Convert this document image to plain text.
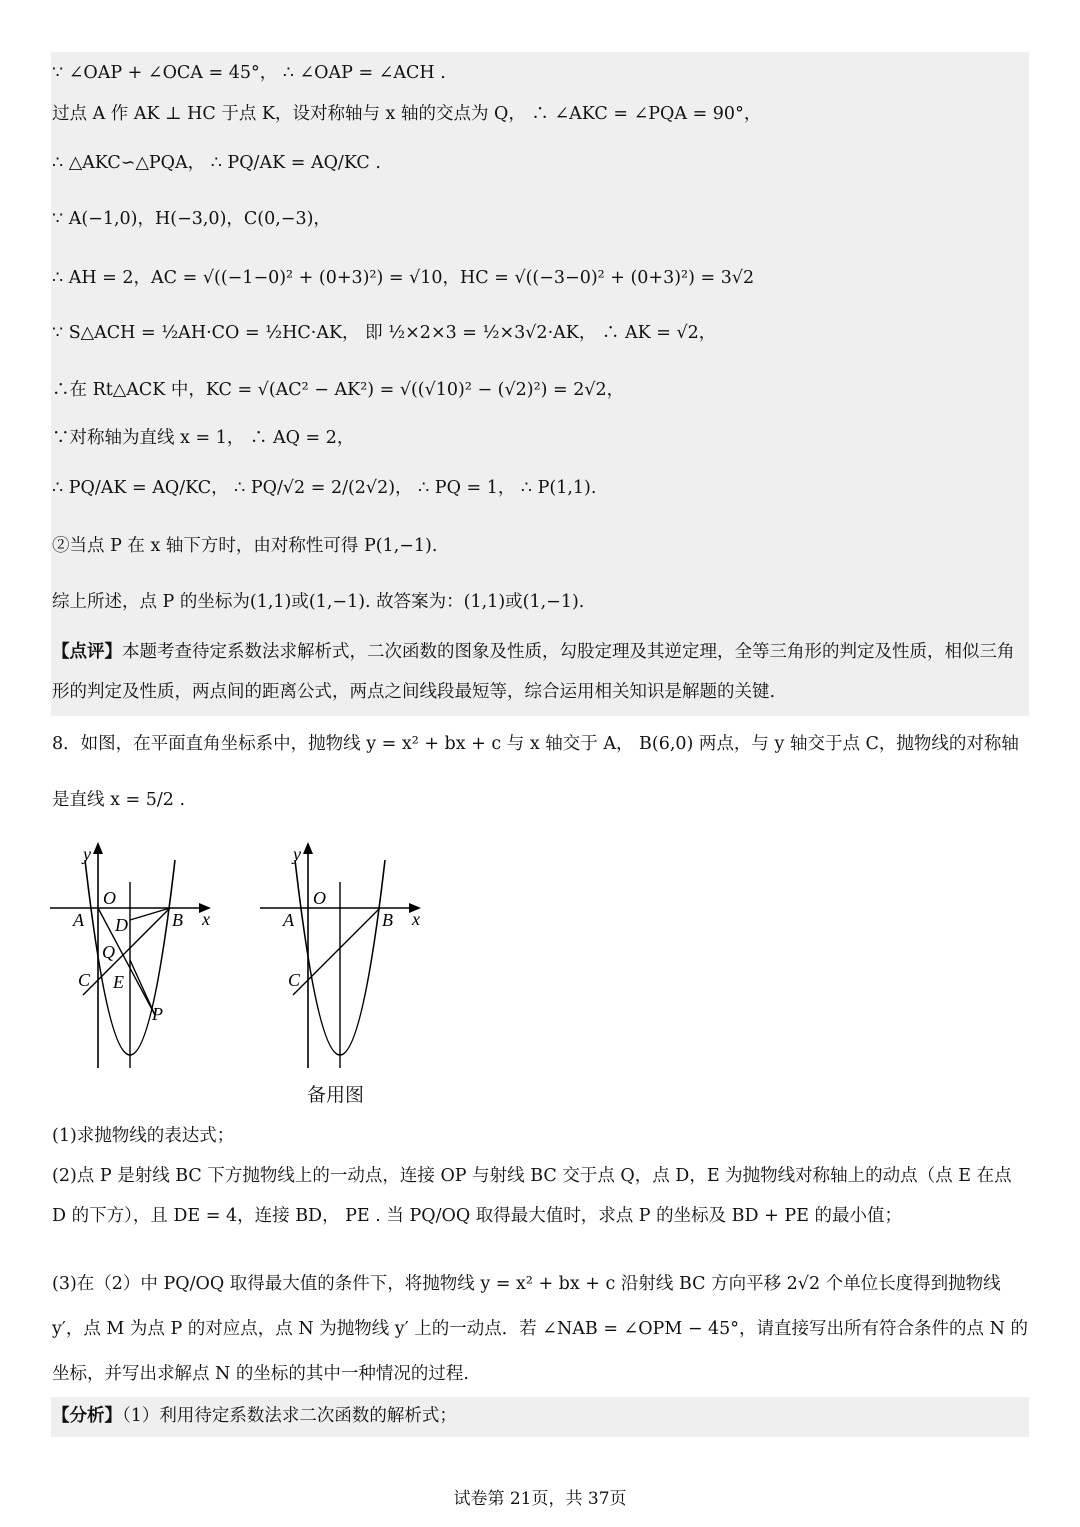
∵ ∠OAP + ∠OCA = 45°， ∴ ∠OAP = ∠ACH .
过点 A 作 AK ⊥ HC 于点 K，设对称轴与 x 轴的交点为 Q， ∴ ∠AKC = ∠PQA = 90°，
∴ △AKC∽△PQA， ∴ PQ/AK = AQ/KC .
∵ A(−1,0)，H(−3,0)，C(0,−3)，
∴ AH = 2，AC = √((−1−0)² + (0+3)²) = √10，HC = √((−3−0)² + (0+3)²) = 3√2
∵ S△ACH = ½AH·CO = ½HC·AK， 即 ½×2×3 = ½×3√2·AK， ∴ AK = √2，
∴在 Rt△ACK 中，KC = √(AC² − AK²) = √((√10)² − (√2)²) = 2√2，
∵对称轴为直线 x = 1， ∴ AQ = 2，
∴ PQ/AK = AQ/KC， ∴ PQ/√2 = 2/(2√2)， ∴ PQ = 1， ∴ P(1,1).
②当点 P 在 x 轴下方时，由对称性可得 P(1,−1).
综上所述，点 P 的坐标为(1,1)或(1,−1). 故答案为：(1,1)或(1,−1).
【点评】本题考查待定系数法求解析式，二次函数的图象及性质，勾股定理及其逆定理，全等三角形的判定及性质，相似三角形的判定及性质，两点间的距离公式，两点之间线段最短等，综合运用相关知识是解题的关键.
8．如图，在平面直角坐标系中，抛物线 y = x² + bx + c 与 x 轴交于 A， B(6,0) 两点，与 y 轴交于点 C，抛物线的对称轴
是直线 x = 5/2 .
y
x
O
A	B
D
Q
C E
P
y
x
O
A	B
C
备用图
(1)求抛物线的表达式；
(2)点 P 是射线 BC 下方抛物线上的一动点，连接 OP 与射线 BC 交于点 Q，点 D，E 为抛物线对称轴上的动点（点 E 在点 D 的下方），且 DE = 4，连接 BD， PE . 当 PQ/OQ 取得最大值时，求点 P 的坐标及 BD + PE 的最小值；
(3)在（2）中 PQ/OQ 取得最大值的条件下，将抛物线 y = x² + bx + c 沿射线 BC 方向平移 2√2 个单位长度得到抛物线 y′，点 M 为点 P 的对应点，点 N 为抛物线 y′ 上的一动点．若 ∠NAB = ∠OPM − 45°，请直接写出所有符合条件的点 N 的坐标，并写出求解点 N 的坐标的其中一种情况的过程.
【分析】（1）利用待定系数法求二次函数的解析式；
试卷第 21页，共 37页
